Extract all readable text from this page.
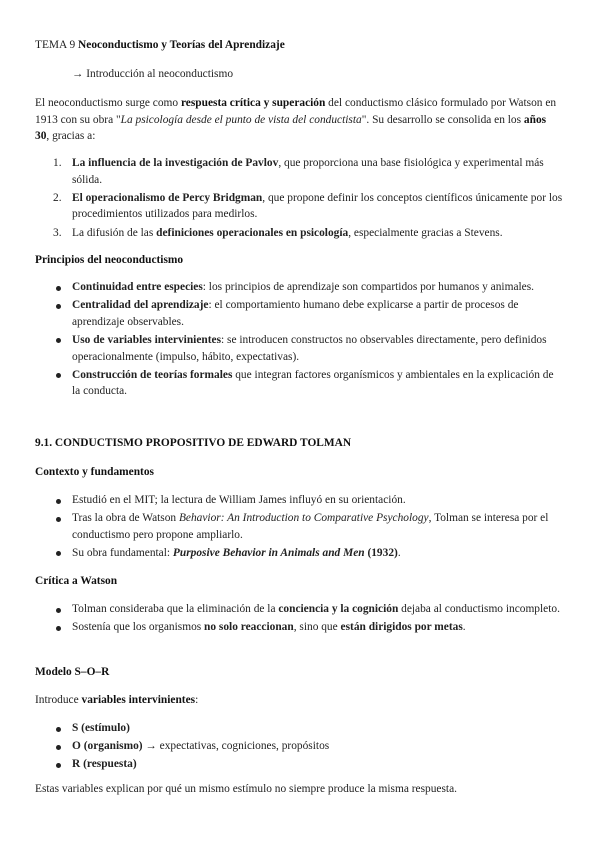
TEMA 9 Neoconductismo y Teorías del Aprendizaje

→ Introducción al neoconductismo

El neoconductismo surge como respuesta crítica y superación del conductismo clásico formulado por Watson en 1913 con su obra "La psicología desde el punto de vista del conductista". Su desarrollo se consolida en los años 30, gracias a:

1. La influencia de la investigación de Pavlov, que proporciona una base fisiológica y experimental más sólida.
2. El operacionalismo de Percy Bridgman, que propone definir los conceptos científicos únicamente por los procedimientos utilizados para medirlos.
3. La difusión de las definiciones operacionales en psicología, especialmente gracias a Stevens.

Principios del neoconductismo

Continuidad entre especies: los principios de aprendizaje son compartidos por humanos y animales.
Centralidad del aprendizaje: el comportamiento humano debe explicarse a partir de procesos de aprendizaje observables.
Uso de variables intervinientes: se introducen constructos no observables directamente, pero definidos operacionalmente (impulso, hábito, expectativas).
Construcción de teorías formales que integran factores organísmicos y ambientales en la explicación de la conducta.

9.1. CONDUCTISMO PROPOSITIVO DE EDWARD TOLMAN

Contexto y fundamentos

Estudió en el MIT; la lectura de William James influyó en su orientación.
Tras la obra de Watson Behavior: An Introduction to Comparative Psychology, Tolman se interesa por el conductismo pero propone ampliarlo.
Su obra fundamental: Purposive Behavior in Animals and Men (1932).

Crítica a Watson

Tolman consideraba que la eliminación de la conciencia y la cognición dejaba al conductismo incompleto.
Sostenía que los organismos no solo reaccionan, sino que están dirigidos por metas.

Modelo S–O–R

Introduce variables intervinientes:

S (estímulo)
O (organismo) → expectativas, cogniciones, propósitos
R (respuesta)

Estas variables explican por qué un mismo estímulo no siempre produce la misma respuesta.
